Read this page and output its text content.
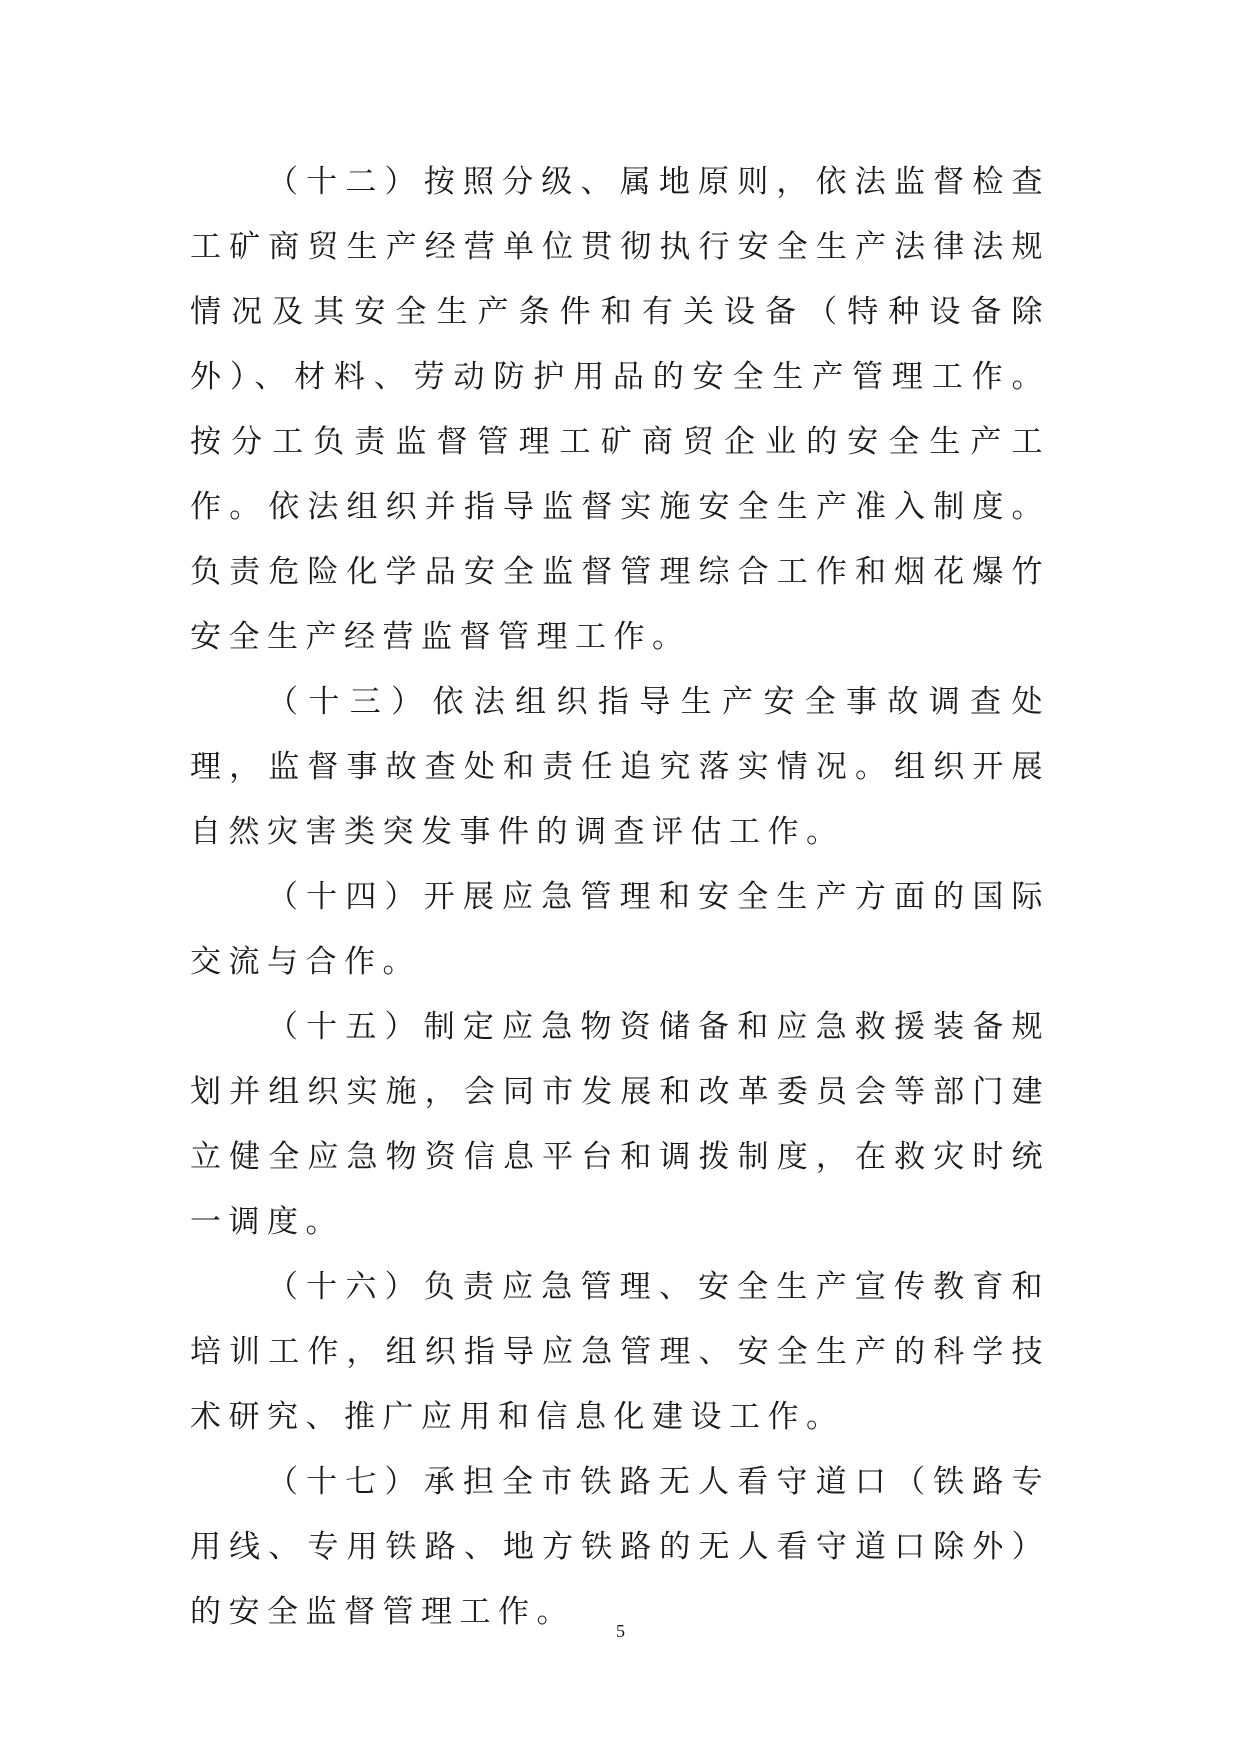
（十二）按照分级、属地原则，依法监督检查工矿商贸生产经营单位贯彻执行安全生产法律法规情况及其安全生产条件和有关设备（特种设备除外）、材料、劳动防护用品的安全生产管理工作。按分工负责监督管理工矿商贸企业的安全生产工作。依法组织并指导监督实施安全生产准入制度。负责危险化学品安全监督管理综合工作和烟花爆竹安全生产经营监督管理工作。

（十三）依法组织指导生产安全事故调查处理，监督事故查处和责任追究落实情况。组织开展自然灾害类突发事件的调查评估工作。

（十四）开展应急管理和安全生产方面的国际交流与合作。

（十五）制定应急物资储备和应急救援装备规划并组织实施，会同市发展和改革委员会等部门建立健全应急物资信息平台和调拨制度，在救灾时统一调度。

（十六）负责应急管理、安全生产宣传教育和培训工作，组织指导应急管理、安全生产的科学技术研究、推广应用和信息化建设工作。

（十七）承担全市铁路无人看守道口（铁路专用线、专用铁路、地方铁路的无人看守道口除外）的安全监督管理工作。

5
